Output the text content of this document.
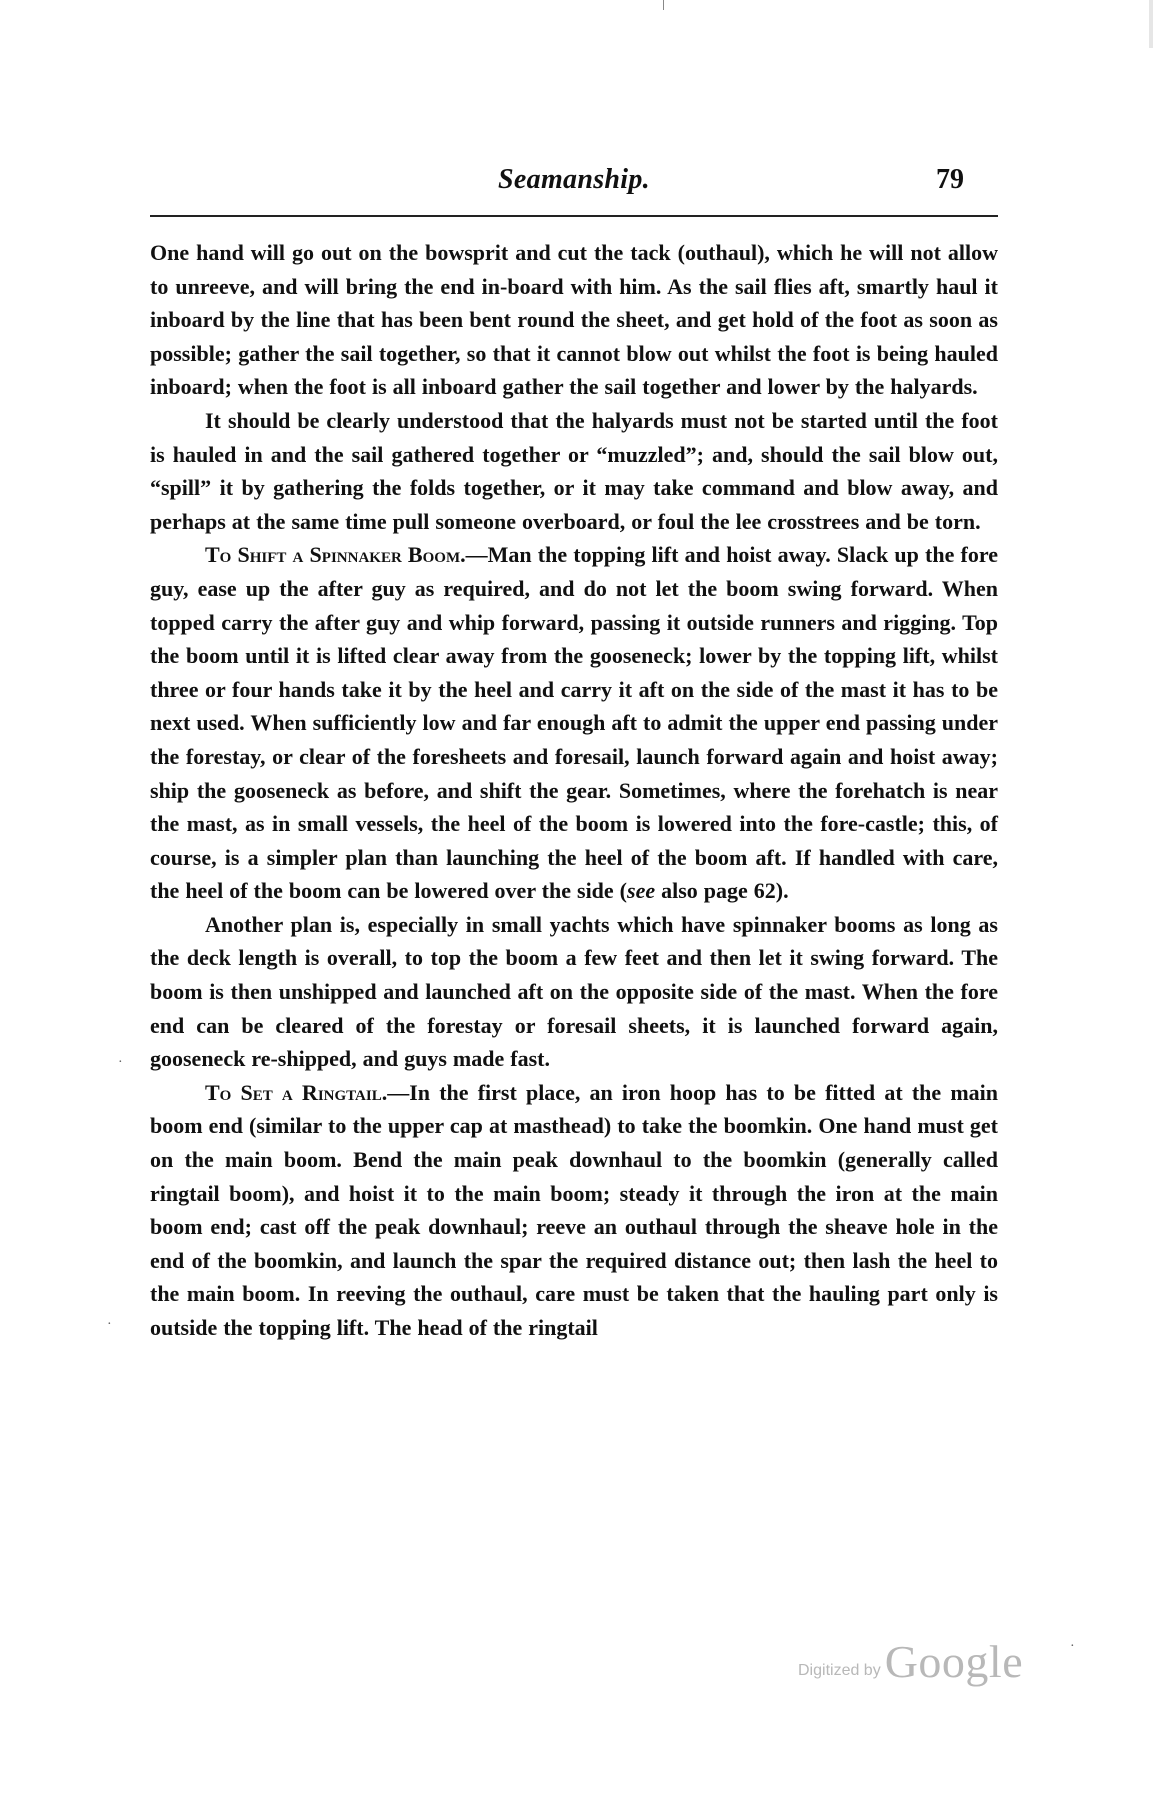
Seamanship.	79

One hand will go out on the bowsprit and cut the tack (outhaul), which he will not allow to unreeve, and will bring the end in-board with him. As the sail flies aft, smartly haul it inboard by the line that has been bent round the sheet, and get hold of the foot as soon as possible; gather the sail together, so that it cannot blow out whilst the foot is being hauled inboard; when the foot is all inboard gather the sail together and lower by the halyards.

It should be clearly understood that the halyards must not be started until the foot is hauled in and the sail gathered together or “muzzled”; and, should the sail blow out, “spill” it by gathering the folds together, or it may take command and blow away, and perhaps at the same time pull someone overboard, or foul the lee crosstrees and be torn.

To Shift a Spinnaker Boom.—Man the topping lift and hoist away. Slack up the fore guy, ease up the after guy as required, and do not let the boom swing forward. When topped carry the after guy and whip forward, passing it outside runners and rigging. Top the boom until it is lifted clear away from the gooseneck; lower by the topping lift, whilst three or four hands take it by the heel and carry it aft on the side of the mast it has to be next used. When sufficiently low and far enough aft to admit the upper end passing under the forestay, or clear of the foresheets and foresail, launch forward again and hoist away; ship the gooseneck as before, and shift the gear. Sometimes, where the forehatch is near the mast, as in small vessels, the heel of the boom is lowered into the fore-castle; this, of course, is a simpler plan than launching the heel of the boom aft. If handled with care, the heel of the boom can be lowered over the side (see also page 62).

Another plan is, especially in small yachts which have spinnaker booms as long as the deck length is overall, to top the boom a few feet and then let it swing forward. The boom is then unshipped and launched aft on the opposite side of the mast. When the fore end can be cleared of the forestay or foresail sheets, it is launched forward again, gooseneck re-shipped, and guys made fast.

To Set a Ringtail.—In the first place, an iron hoop has to be fitted at the main boom end (similar to the upper cap at masthead) to take the boomkin. One hand must get on the main boom. Bend the main peak downhaul to the boomkin (generally called ringtail boom), and hoist it to the main boom; steady it through the iron at the main boom end; cast off the peak downhaul; reeve an outhaul through the sheave hole in the end of the boomkin, and launch the spar the required distance out; then lash the heel to the main boom. In reeving the outhaul, care must be taken that the hauling part only is outside the topping lift. The head of the ringtail

·
·
·
Digitized by Google
